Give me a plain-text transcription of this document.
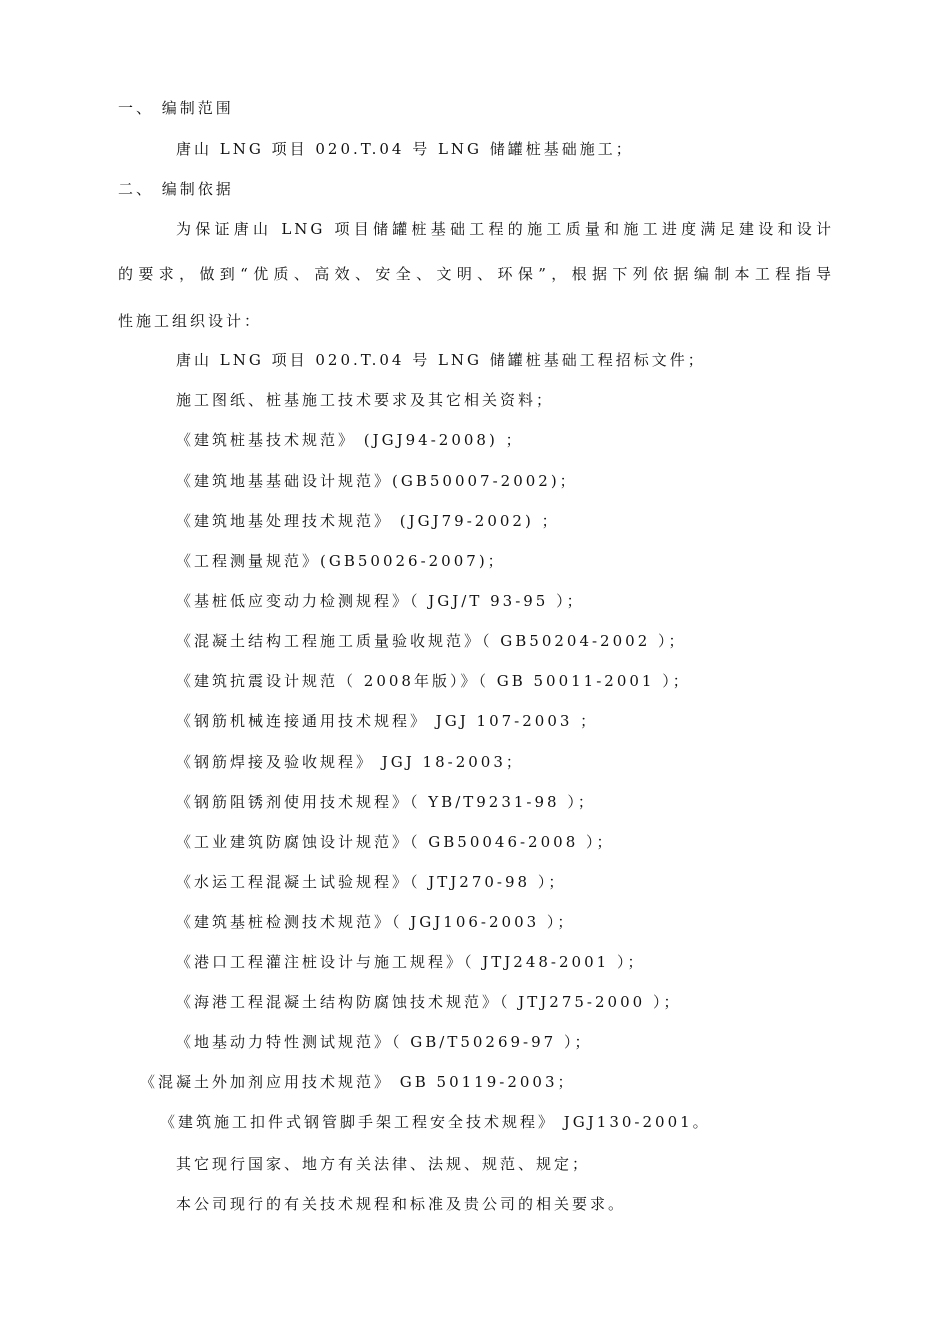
一、 编制范围
唐山 LNG 项目 020.T.04 号 LNG 储罐桩基础施工；
二、 编制依据
为保证唐山 LNG 项目储罐桩基础工程的施工质量和施工进度满足建设和设计
的要求，做到“优质、高效、安全、文明、环保”，根据下列依据编制本工程指导
性施工组织设计：
唐山 LNG 项目 020.T.04 号 LNG 储罐桩基础工程招标文件；
施工图纸、桩基施工技术要求及其它相关资料；
《建筑桩基技术规范》 (JGJ94-2008) ；
《建筑地基基础设计规范》(GB50007-2002)；
《建筑地基处理技术规范》 (JGJ79-2002) ；
《工程测量规范》(GB50026-2007)；
《基桩低应变动力检测规程》（ JGJ/T 93-95 ）；
《混凝土结构工程施工质量验收规范》（ GB50204-2002 ）；
《建筑抗震设计规范（ 2008年版）》（ GB 50011-2001 ）；
《钢筋机械连接通用技术规程》 JGJ 107-2003 ；
《钢筋焊接及验收规程》 JGJ 18-2003；
《钢筋阻锈剂使用技术规程》（ YB/T9231-98 ）；
《工业建筑防腐蚀设计规范》（ GB50046-2008 ）；
《水运工程混凝土试验规程》（ JTJ270-98 ）；
《建筑基桩检测技术规范》（ JGJ106-2003 ）；
《港口工程灌注桩设计与施工规程》（ JTJ248-2001 ）；
《海港工程混凝土结构防腐蚀技术规范》（ JTJ275-2000 ）；
《地基动力特性测试规范》（ GB/T50269-97 ）；
《混凝土外加剂应用技术规范》 GB 50119-2003；
《建筑施工扣件式钢管脚手架工程安全技术规程》 JGJ130-2001。
其它现行国家、地方有关法律、法规、规范、规定；
本公司现行的有关技术规程和标准及贵公司的相关要求。
